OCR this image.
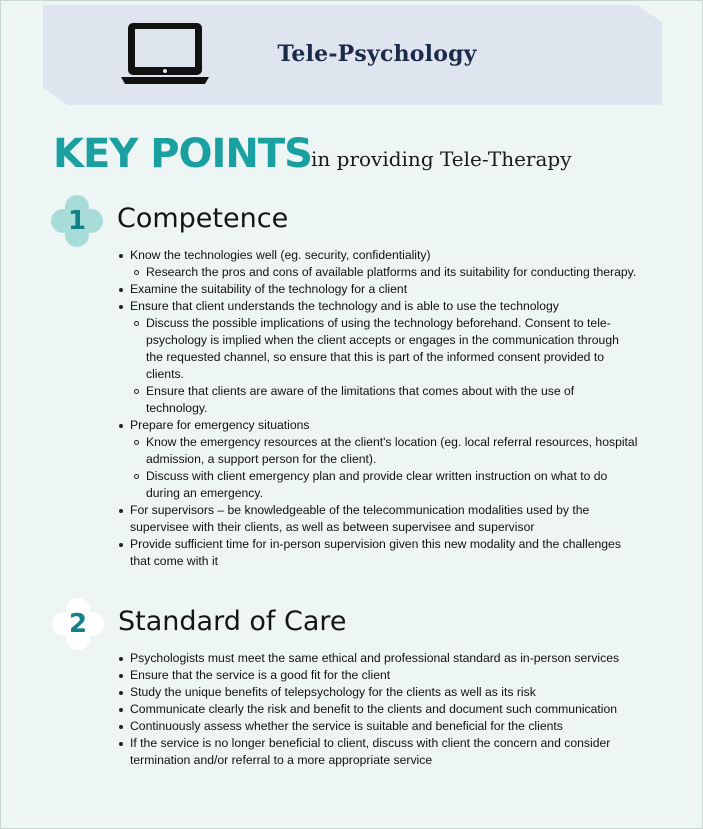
Tele-Psychology
KEY POINTS in providing Tele-Therapy
1	Competence
Know the technologies well (eg. security, confidentiality)
Research the pros and cons of available platforms and its suitability for conducting therapy.
Examine the suitability of the technology for a client
Ensure that client understands the technology and is able to use the technology
Discuss the possible implications of using the technology beforehand. Consent to tele-psychology is implied when the client accepts or engages in the communication through the requested channel, so ensure that this is part of the informed consent provided to clients.
Ensure that clients are aware of the limitations that comes about with the use of technology.
Prepare for emergency situations
Know the emergency resources at the client's location (eg. local referral resources, hospital admission, a support person for the client).
Discuss with client emergency plan and provide clear written instruction on what to do during an emergency.
For supervisors – be knowledgeable of the telecommunication modalities used by the supervisee with their clients, as well as between supervisee and supervisor
Provide sufficient time for in-person supervision given this new modality and the challenges that come with it
2	Standard of Care
Psychologists must meet the same ethical and professional standard as in-person services
Ensure that the service is a good fit for the client
Study the unique benefits of telepsychology for the clients as well as its risk
Communicate clearly the risk and benefit to the clients and document such communication
Continuously assess whether the service is suitable and beneficial for the clients
If the service is no longer beneficial to client, discuss with client the concern and consider termination and/or referral to a more appropriate service
